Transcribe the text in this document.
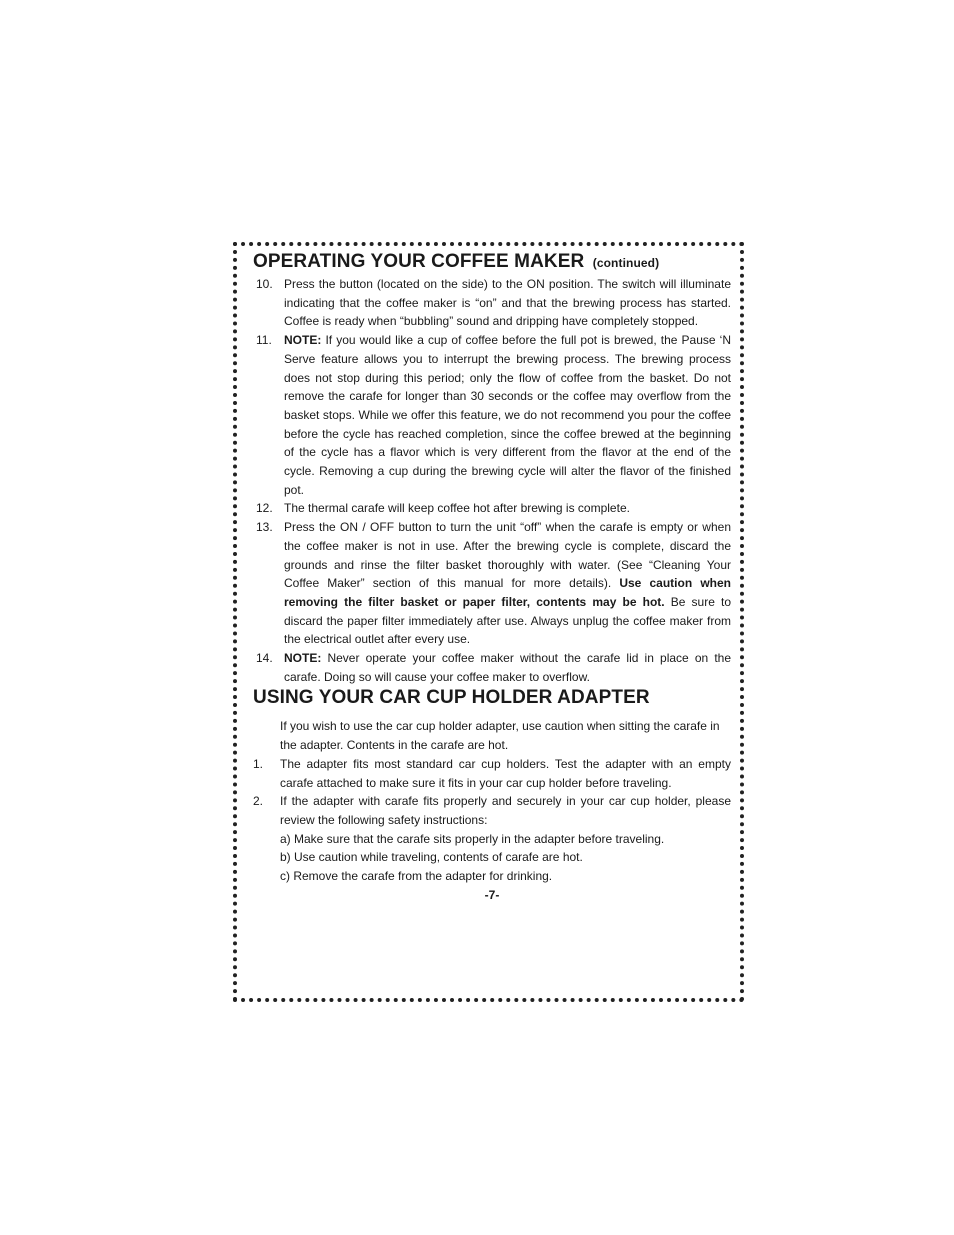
OPERATING YOUR COFFEE MAKER (continued)
10. Press the button (located on the side) to the ON position. The switch will illuminate indicating that the coffee maker is “on” and that the brewing process has started. Coffee is ready when “bubbling” sound and dripping have completely stopped.
11. NOTE: If you would like a cup of coffee before the full pot is brewed, the Pause ‘N Serve feature allows you to interrupt the brewing process. The brewing process does not stop during this period; only the flow of coffee from the basket. Do not remove the carafe for longer than 30 seconds or the coffee may overflow from the basket stops. While we offer this feature, we do not recommend you pour the coffee before the cycle has reached completion, since the coffee brewed at the beginning of the cycle has a flavor which is very different from the flavor at the end of the cycle. Removing a cup during the brewing cycle will alter the flavor of the finished pot.
12. The thermal carafe will keep coffee hot after brewing is complete.
13. Press the ON / OFF button to turn the unit “off” when the carafe is empty or when the coffee maker is not in use. After the brewing cycle is complete, discard the grounds and rinse the filter basket thoroughly with water. (See “Cleaning Your Coffee Maker” section of this manual for more details). Use caution when removing the filter basket or paper filter, contents may be hot. Be sure to discard the paper filter immediately after use. Always unplug the coffee maker from the electrical outlet after every use.
14. NOTE: Never operate your coffee maker without the carafe lid in place on the carafe. Doing so will cause your coffee maker to overflow.
USING YOUR CAR CUP HOLDER ADAPTER

If you wish to use the car cup holder adapter, use caution when sitting the carafe in the adapter. Contents in the carafe are hot.

1. The adapter fits most standard car cup holders. Test the adapter with an empty carafe attached to make sure it fits in your car cup holder before traveling.
2. If the adapter with carafe fits properly and securely in your car cup holder, please review the following safety instructions:
a) Make sure that the carafe sits properly in the adapter before traveling.
b) Use caution while traveling, contents of carafe are hot.
c) Remove the carafe from the adapter for drinking.
-7-
